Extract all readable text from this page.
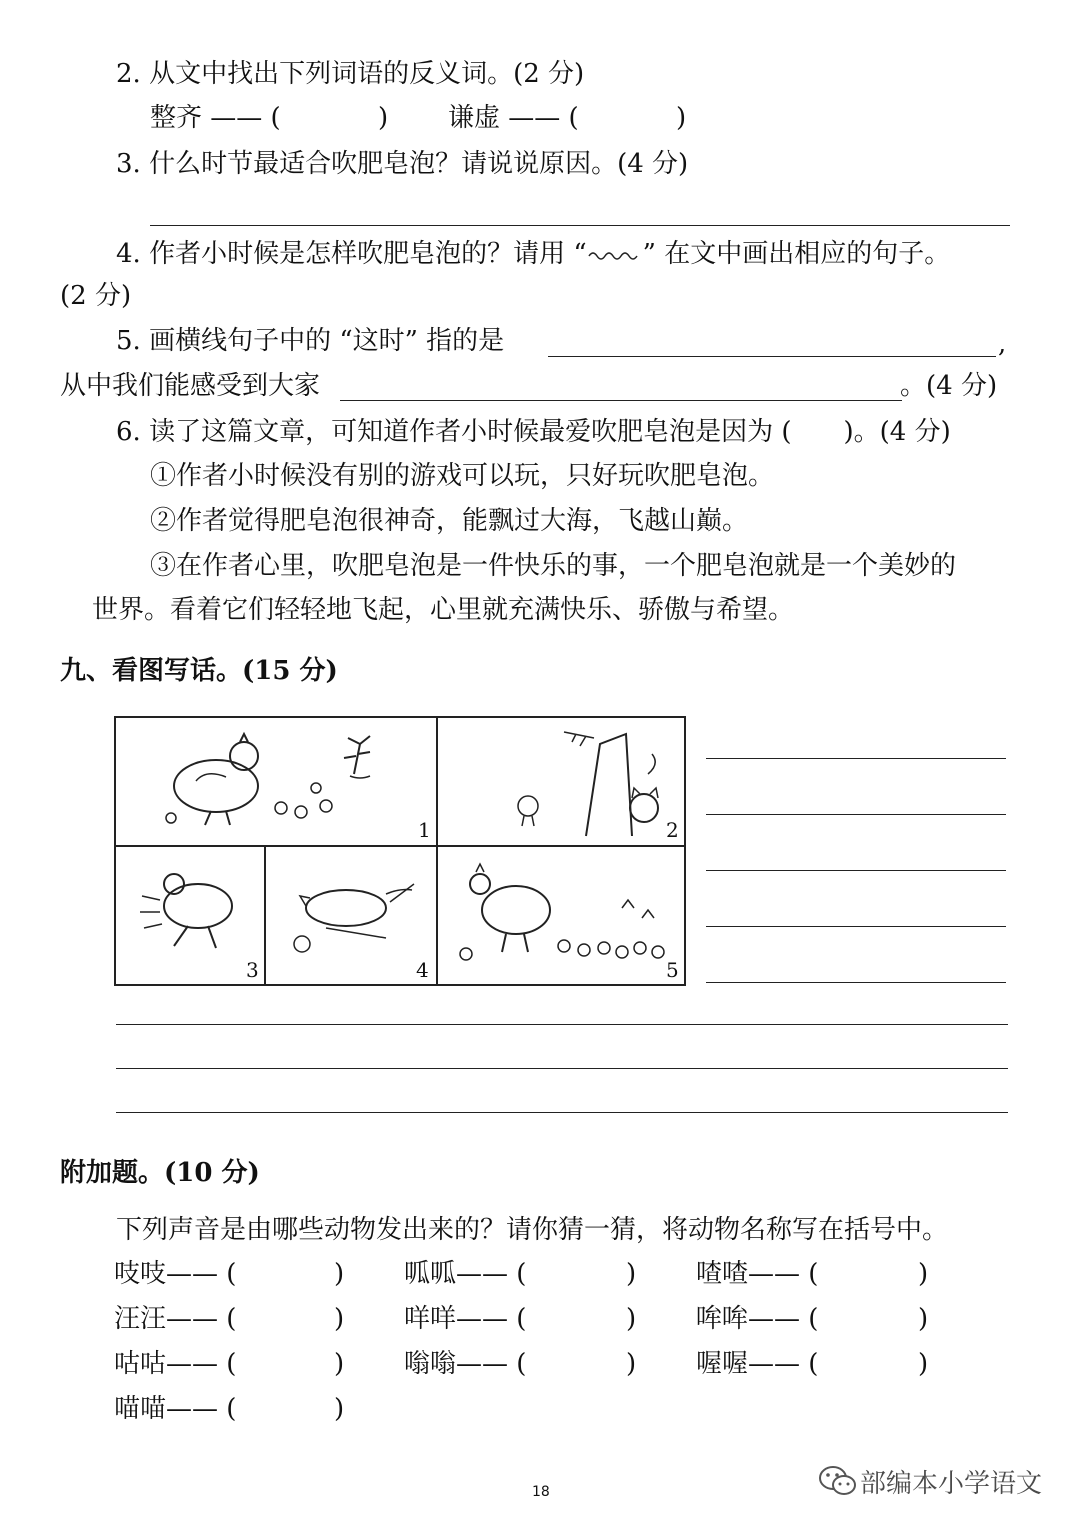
2. 从文中找出下列词语的反义词。(2 分)
整齐 —— (	) 谦虚 —— (	)
3. 什么时节最适合吹肥皂泡？请说说原因。(4 分)
4. 作者小时候是怎样吹肥皂泡的？请用 “ ” 在文中画出相应的句子。
(2 分)
5. 画横线句子中的 “这时” 指的是	,
从中我们能感受到大家	。(4 分)
6. 读了这篇文章，可知道作者小时候最爱吹肥皂泡是因为 (　　)。(4 分)
①作者小时候没有别的游戏可以玩，只好玩吹肥皂泡。
②作者觉得肥皂泡很神奇，能飘过大海，飞越山巅。
③在作者心里，吹肥皂泡是一件快乐的事，一个肥皂泡就是一个美妙的
世界。看着它们轻轻地飞起，心里就充满快乐、骄傲与希望。
九、看图写话。(15 分)
1	2
3	4	5
附加题。(10 分)
下列声音是由哪些动物发出来的？请你猜一猜，将动物名称写在括号中。
吱吱—— (	) 呱呱—— (	) 喳喳—— (	)
汪汪—— (	) 咩咩—— (	) 哞哞—— (	)
咕咕—— (	) 嗡嗡—— (	) 喔喔—— (	)
喵喵—— (	)
18	部编本小学语文
